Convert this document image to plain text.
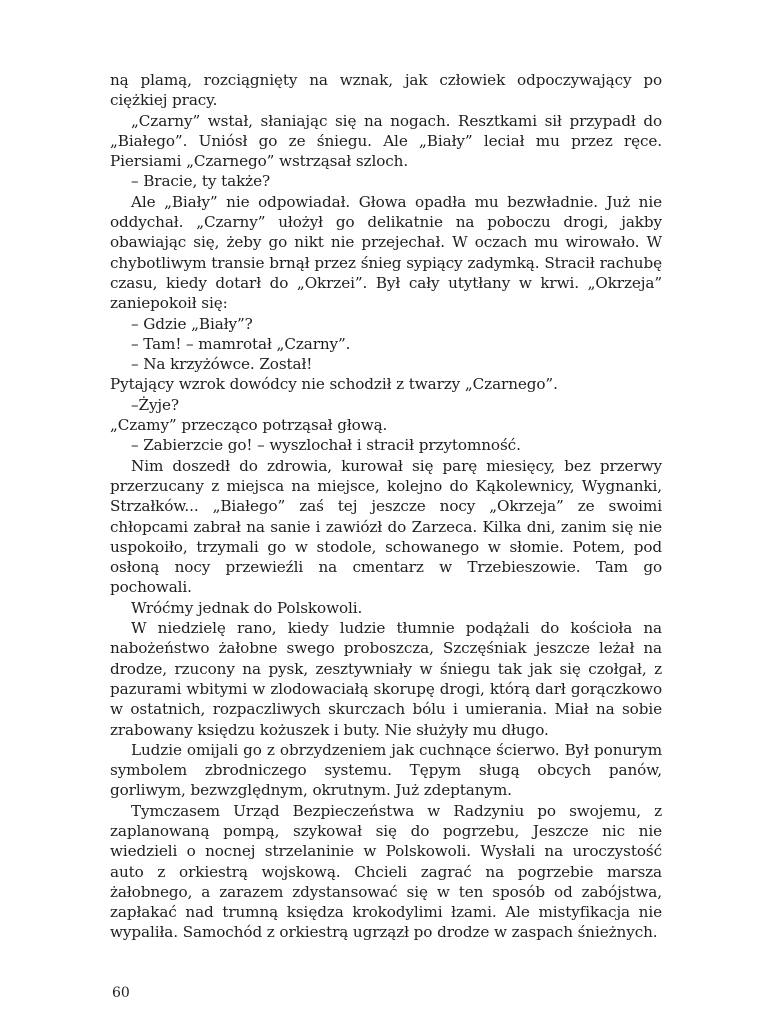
ną plamą, rozciągnięty na wznak, jak człowiek odpoczywający po ciężkiej pracy.

„Czarny” wstał, słaniając się na nogach. Resztkami sił przypadł do „Białego”. Uniósł go ze śniegu. Ale „Biały” leciał mu przez ręce. Piersiami „Czarnego” wstrząsał szloch.

– Bracie, ty także?

Ale „Biały” nie odpowiadał. Głowa opadła mu bezwładnie. Już nie oddychał. „Czarny” ułożył go delikatnie na poboczu drogi, jakby obawiając się, żeby go nikt nie przejechał. W oczach mu wirowało. W chybotliwym transie brnął przez śnieg sypiący zadymką. Stracił rachubę czasu, kiedy dotarł do „Okrzei”. Był cały utytłany w krwi. „Okrzeja” zaniepokoił się:

– Gdzie „Biały”?

– Tam! – mamrotał „Czarny”.

– Na krzyżówce. Został!

Pytający wzrok dowódcy nie schodził z twarzy „Czarnego”.

–Żyje?

„Czamy” przecząco potrząsał głową.

– Zabierzcie go! – wyszlochał i stracił przytomność.

Nim doszedł do zdrowia, kurował się parę miesięcy, bez przerwy przerzucany z miejsca na miejsce, kolejno do Kąkolewnicy, Wygnanki, Strzałków... „Białego” zaś tej jeszcze nocy „Okrzeja” ze swoimi chłopcami zabrał na sanie i zawiózł do Zarzeca. Kilka dni, zanim się nie uspokoiło, trzymali go w stodole, schowanego w słomie. Potem, pod osłoną nocy przewieźli na cmentarz w Trzebieszowie. Tam go pochowali.

Wróćmy jednak do Polskowoli.

W niedzielę rano, kiedy ludzie tłumnie podążali do kościoła na nabożeństwo żałobne swego proboszcza, Szczęśniak jeszcze leżał na drodze, rzucony na pysk, zesztywniały w śniegu tak jak się czołgał, z pazurami wbitymi w zlodowaciałą skorupę drogi, którą darł gorączkowo w ostatnich, rozpaczliwych skurczach bólu i umierania. Miał na sobie zrabowany księdzu kożuszek i buty. Nie służyły mu długo.

Ludzie omijali go z obrzydzeniem jak cuchnące ścierwo. Był ponurym symbolem zbrodniczego systemu. Tępym sługą obcych panów, gorliwym, bezwzględnym, okrutnym. Już zdeptanym.

Tymczasem Urząd Bezpieczeństwa w Radzyniu po swojemu, z zaplanowaną pompą, szykował się do pogrzebu, Jeszcze nic nie wiedzieli o nocnej strzelaninie w Polskowoli. Wysłali na uroczystość auto z orkiestrą wojskową. Chcieli zagrać na pogrzebie marsza żałobnego, a zarazem zdystansować się w ten sposób od zabójstwa, zapłakać nad trumną księdza krokodylimi łzami. Ale mistyfikacja nie wypaliła. Samochód z orkiestrą ugrzązł po drodze w zaspach śnieżnych.

60
